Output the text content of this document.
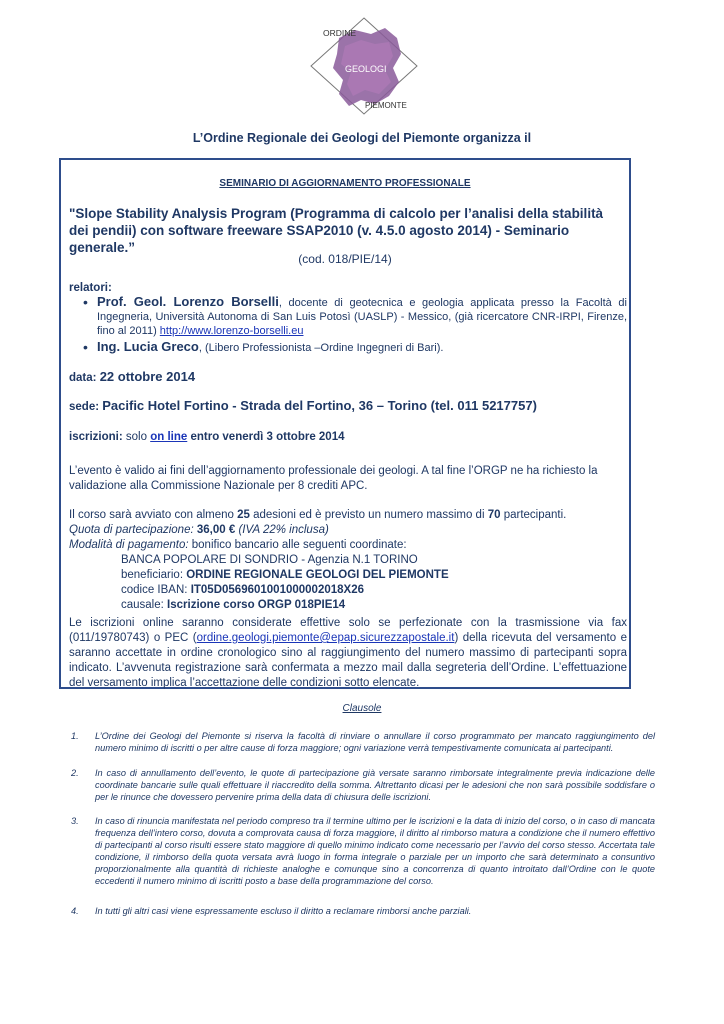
ORDINE
GEOLOGI
PIEMONTE
L’Ordine Regionale dei Geologi del Piemonte organizza il
SEMINARIO DI AGGIORNAMENTO PROFESSIONALE
"Slope Stability Analysis Program (Programma di calcolo per l’analisi della stabilità dei pendii) con software freeware SSAP2010 (v. 4.5.0 agosto 2014) - Seminario generale.”
(cod. 018/PIE/14)
relatori:
• Prof. Geol. Lorenzo Borselli, docente di geotecnica e geologia applicata presso la Facoltà di Ingegneria, Università Autonoma di San Luis Potosì (UASLP) - Messico, (già ricercatore CNR-IRPI, Firenze, fino al 2011) http://www.lorenzo-borselli.eu
• Ing. Lucia Greco, (Libero Professionista –Ordine Ingegneri di Bari).
data: 22 ottobre 2014
sede: Pacific Hotel Fortino - Strada del Fortino, 36 – Torino (tel. 011 5217757)
iscrizioni: solo on line entro venerdì 3 ottobre 2014
L’evento è valido ai fini dell’aggiornamento professionale dei geologi. A tal fine l’ORGP ne ha richiesto la validazione alla Commissione Nazionale per 8 crediti APC.
Il corso sarà avviato con almeno 25 adesioni ed è previsto un numero massimo di 70 partecipanti.
Quota di partecipazione: 36,00 € (IVA 22% inclusa)
Modalità di pagamento: bonifico bancario alle seguenti coordinate:
BANCA POPOLARE DI SONDRIO - Agenzia N.1 TORINO
beneficiario: ORDINE REGIONALE GEOLOGI DEL PIEMONTE
codice IBAN: IT05D0569601001000002018X26
causale: Iscrizione corso ORGP 018PIE14
Le iscrizioni online saranno considerate effettive solo se perfezionate con la trasmissione via fax (011/19780743) o PEC (ordine.geologi.piemonte@epap.sicurezzapostale.it) della ricevuta del versamento e saranno accettate in ordine cronologico sino al raggiungimento del numero massimo di partecipanti sopra indicato. L’avvenuta registrazione sarà confermata a mezzo mail dalla segreteria dell’Ordine. L’effettuazione del versamento implica l’accettazione delle condizioni sotto elencate.
Clausole
1. L’Ordine dei Geologi del Piemonte si riserva la facoltà di rinviare o annullare il corso programmato per mancato raggiungimento del numero minimo di iscritti o per altre cause di forza maggiore; ogni variazione verrà tempestivamente comunicata ai partecipanti.
2. In caso di annullamento dell’evento, le quote di partecipazione già versate saranno rimborsate integralmente previa indicazione delle coordinate bancarie sulle quali effettuare il riaccredito della somma. Altrettanto dicasi per le adesioni che non sarà possibile soddisfare o per le rinunce che dovessero pervenire prima della data di chiusura delle iscrizioni.
3. In caso di rinuncia manifestata nel periodo compreso tra il termine ultimo per le iscrizioni e la data di inizio del corso, o in caso di mancata frequenza dell’intero corso, dovuta a comprovata causa di forza maggiore, il diritto al rimborso matura a condizione che il numero effettivo di partecipanti al corso risulti essere stato maggiore di quello minimo indicato come necessario per l’avvio del corso stesso. Accertata tale condizione, il rimborso della quota versata avrà luogo in forma integrale o parziale per un importo che sarà determinato a consuntivo proporzionalmente alla quantità di richieste analoghe e comunque sino a concorrenza di quanto introitato dall’Ordine con le quote eccedenti il numero minimo di iscritti posto a base della programmazione del corso.
4. In tutti gli altri casi viene espressamente escluso il diritto a reclamare rimborsi anche parziali.
